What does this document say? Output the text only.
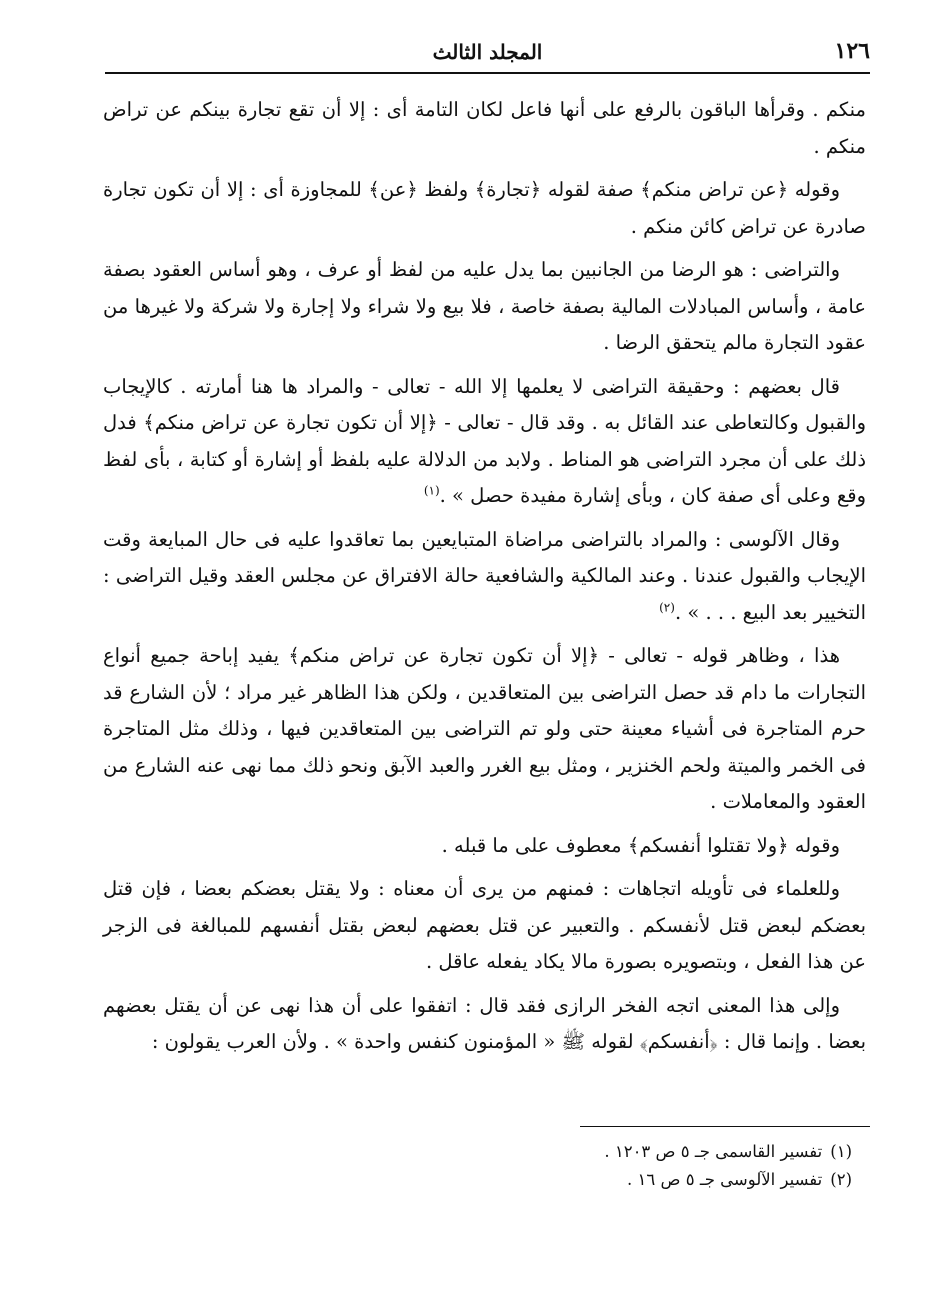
١٢٦
المجلد الثالث

منكم . وقرأها الباقون بالرفع على أنها فاعل لكان التامة أى : إلا أن تقع تجارة بينكم عن تراض منكم .

وقوله ﴿عن تراض منكم﴾ صفة لقوله ﴿تجارة﴾ ولفظ ﴿عن﴾ للمجاوزة أى : إلا أن تكون تجارة صادرة عن تراض كائن منكم .

والتراضى : هو الرضا من الجانبين بما يدل عليه من لفظ أو عرف ، وهو أساس العقود بصفة عامة ، وأساس المبادلات المالية بصفة خاصة ، فلا بيع ولا شراء ولا إجارة ولا شركة ولا غيرها من عقود التجارة مالم يتحقق الرضا .

قال بعضهم : وحقيقة التراضى لا يعلمها إلا الله - تعالى - والمراد ها هنا أمارته . كالإيجاب والقبول وكالتعاطى عند القائل به . وقد قال - تعالى - ﴿إلا أن تكون تجارة عن تراض منكم﴾ فدل ذلك على أن مجرد التراضى هو المناط . ولابد من الدلالة عليه بلفظ أو إشارة أو كتابة ، بأى لفظ وقع وعلى أى صفة كان ، وبأى إشارة مفيدة حصل » .$^{(١)}$

وقال الآلوسى : والمراد بالتراضى مراضاة المتبايعين بما تعاقدوا عليه فى حال المبايعة وقت الإيجاب والقبول عندنا . وعند المالكية والشافعية حالة الافتراق عن مجلس العقد وقيل التراضى : التخيير بعد البيع . . . » .$^{(٢)}$

هذا ، وظاهر قوله - تعالى - ﴿إلا أن تكون تجارة عن تراض منكم﴾ يفيد إباحة جميع أنواع التجارات ما دام قد حصل التراضى بين المتعاقدين ، ولكن هذا الظاهر غير مراد ؛ لأن الشارع قد حرم المتاجرة فى أشياء معينة حتى ولو تم التراضى بين المتعاقدين فيها ، وذلك مثل المتاجرة فى الخمر والميتة ولحم الخنزير ، ومثل بيع الغرر والعبد الآبق ونحو ذلك مما نهى عنه الشارع من العقود والمعاملات .

وقوله ﴿ولا تقتلوا أنفسكم﴾ معطوف على ما قبله .

وللعلماء فى تأويله اتجاهات : فمنهم من يرى أن معناه : ولا يقتل بعضكم بعضا ، فإن قتل بعضكم لبعض قتل لأنفسكم . والتعبير عن قتل بعضهم لبعض بقتل أنفسهم للمبالغة فى الزجر عن هذا الفعل ، وبتصويره بصورة مالا يكاد يفعله عاقل .

وإلى هذا المعنى اتجه الفخر الرازى فقد قال : اتفقوا على أن هذا نهى عن أن يقتل بعضهم بعضا . وإنما قال : ﴿أنفسكم﴾ لقوله ﷺ « المؤمنون كنفس واحدة » . ولأن العرب يقولون :

(١)تفسير القاسمى جـ ٥ ص ١٢٠٣ .

(٢)تفسير الآلوسى جـ ٥ ص ١٦ .
